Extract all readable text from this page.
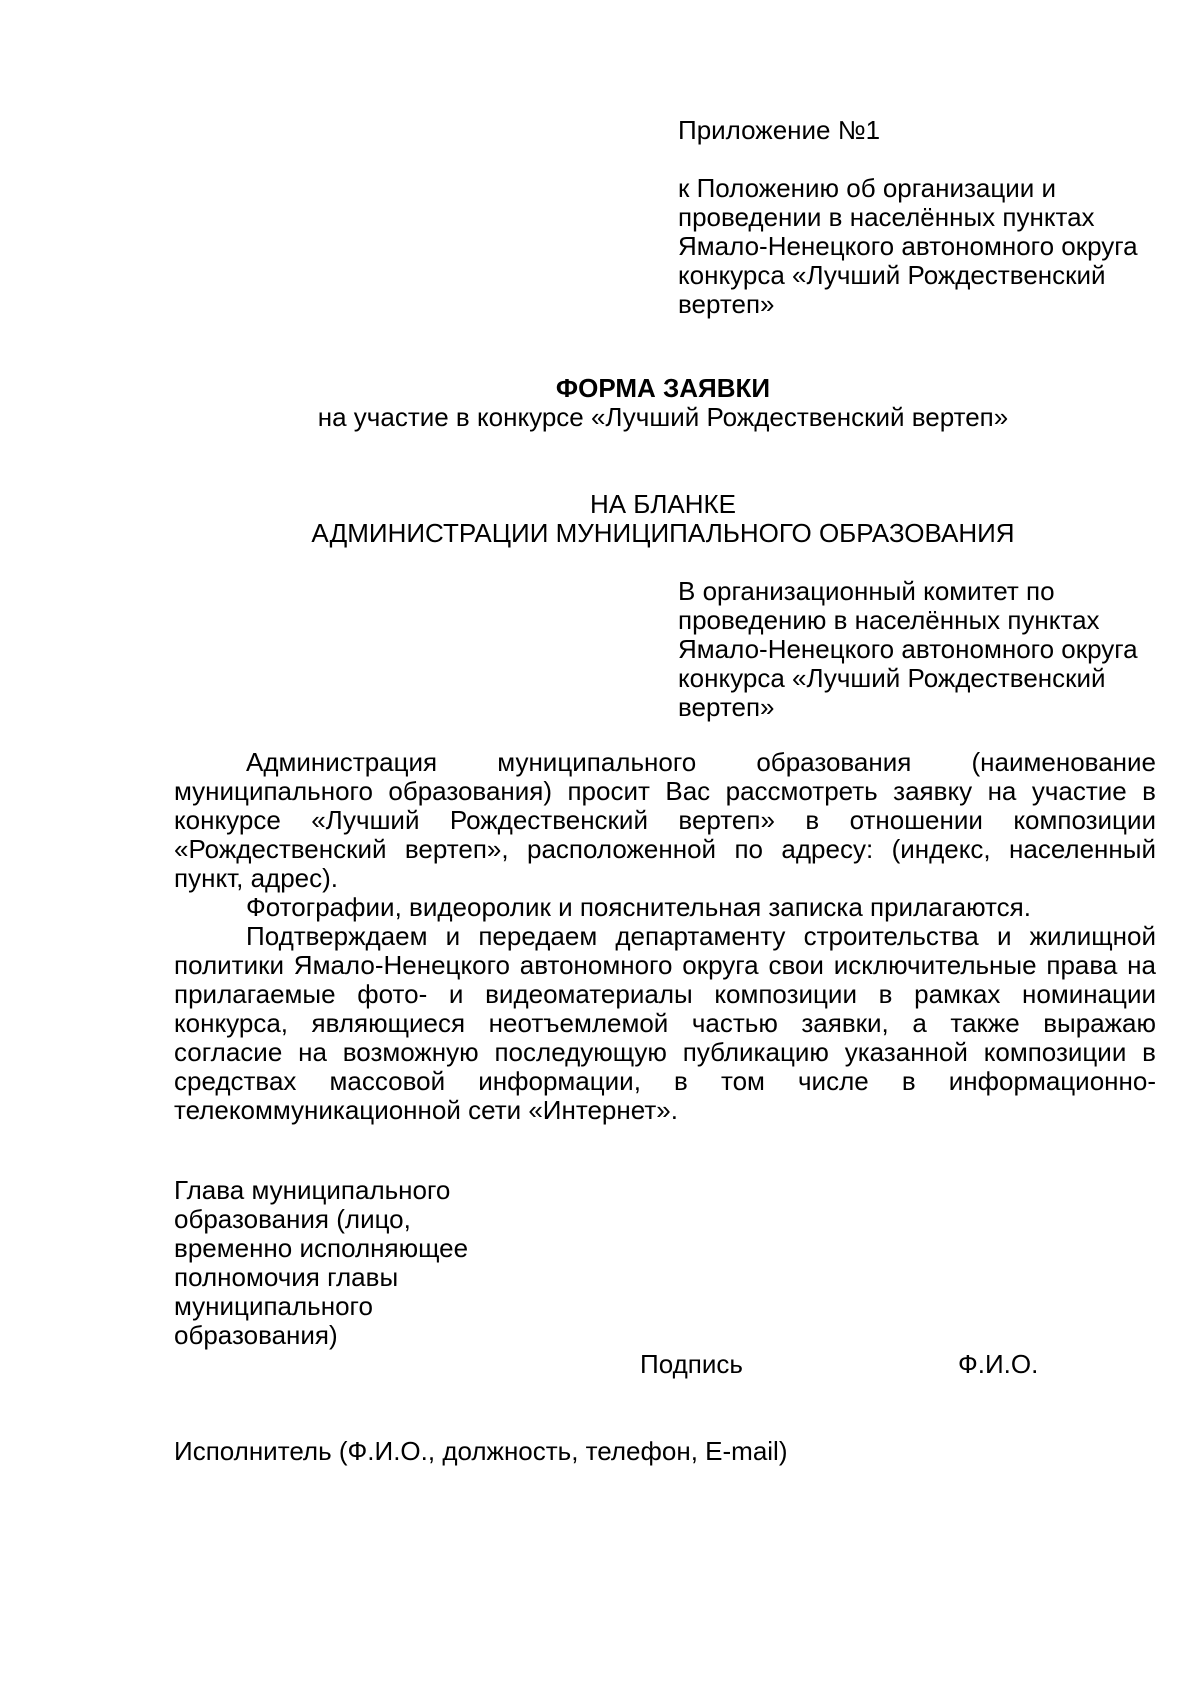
Приложение №1
к Положению об организации и проведении в населённых пунктах Ямало-Ненецкого автономного округа конкурса «Лучший Рождественский вертеп»
ФОРМА ЗАЯВКИ
на участие в конкурсе «Лучший Рождественский вертеп»
НА БЛАНКЕ
АДМИНИСТРАЦИИ МУНИЦИПАЛЬНОГО ОБРАЗОВАНИЯ
В организационный комитет по проведению в населённых пунктах Ямало-Ненецкого автономного округа конкурса «Лучший Рождественский вертеп»

Администрация муниципального образования (наименование муниципального образования) просит Вас рассмотреть заявку на участие в конкурсе «Лучший Рождественский вертеп» в отношении композиции «Рождественский вертеп», расположенной по адресу: (индекс, населенный пункт, адрес).

Фотографии, видеоролик и пояснительная записка прилагаются.

Подтверждаем и передаем департаменту строительства и жилищной политики Ямало-Ненецкого автономного округа свои исключительные права на прилагаемые фото- и видеоматериалы композиции в рамках номинации конкурса, являющиеся неотъемлемой частью заявки, а также выражаю согласие на возможную последующую публикацию указанной композиции в средствах массовой информации, в том числе в информационно-телекоммуникационной сети «Интернет».

Глава муниципального образования (лицо, временно исполняющее полномочия главы муниципального образования)
Подпись	Ф.И.О.
Исполнитель (Ф.И.О., должность, телефон, E-mail)
